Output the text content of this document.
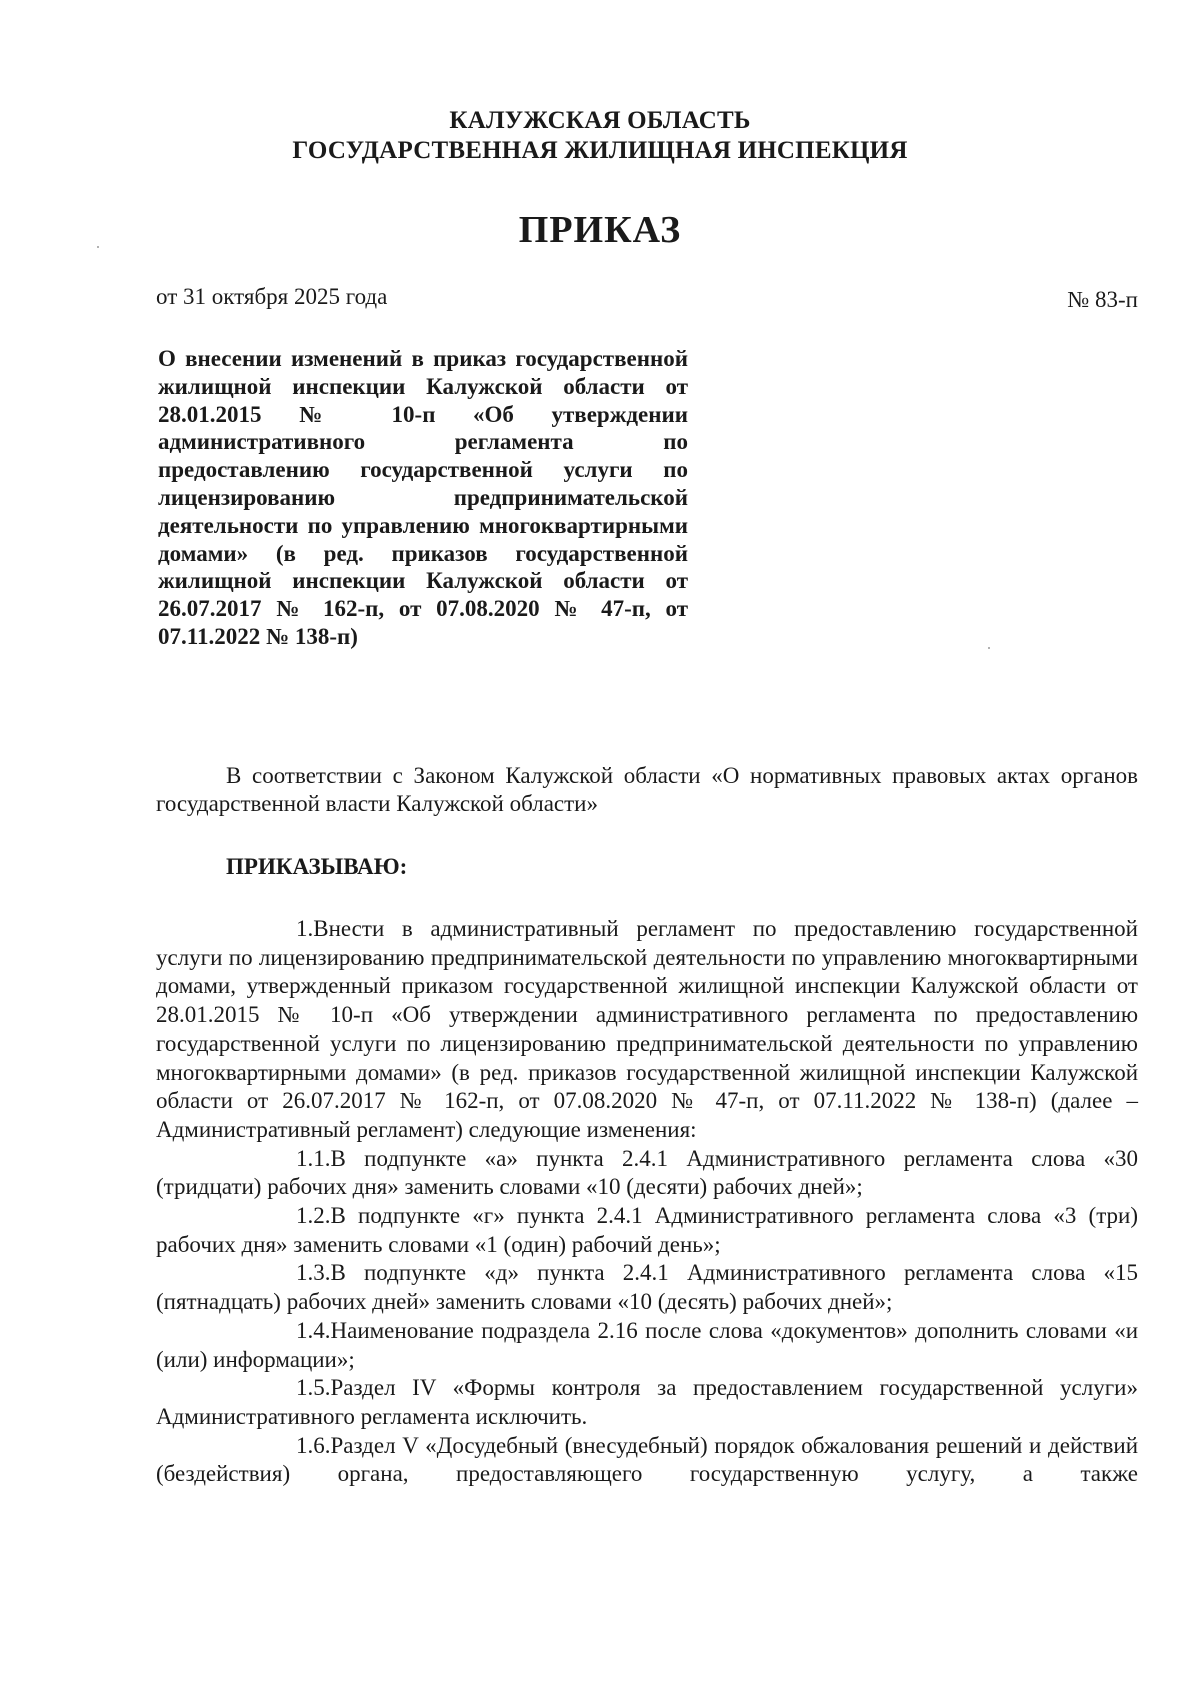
КАЛУЖСКАЯ ОБЛАСТЬ
ГОСУДАРСТВЕННАЯ ЖИЛИЩНАЯ ИНСПЕКЦИЯ
ПРИКАЗ
от 31 октября 2025 года	№ 83-п
О внесении изменений в приказ государственной жилищной инспекции Калужской области от 28.01.2015 № 10-п «Об утверждении административного регламента по предоставлению государственной услуги по лицензированию предпринимательской деятельности по управлению многоквартирными домами» (в ред. приказов государственной жилищной инспекции Калужской области от 26.07.2017 № 162-п, от 07.08.2020 № 47-п, от 07.11.2022 № 138-п)
В соответствии с Законом Калужской области «О нормативных правовых актах органов государственной власти Калужской области»
ПРИКАЗЫВАЮ:

1.Внести в административный регламент по предоставлению государственной услуги по лицензированию предпринимательской деятельности по управлению многоквартирными домами, утвержденный приказом государственной жилищной инспекции Калужской области от 28.01.2015 № 10-п «Об утверждении административного регламента по предоставлению государственной услуги по лицензированию предпринимательской деятельности по управлению многоквартирными домами» (в ред. приказов государственной жилищной инспекции Калужской области от 26.07.2017 № 162-п, от 07.08.2020 № 47-п, от 07.11.2022 № 138-п) (далее – Административный регламент) следующие изменения:

1.1.В подпункте «а» пункта 2.4.1 Административного регламента слова «30 (тридцати) рабочих дня» заменить словами «10 (десяти) рабочих дней»;

1.2.В подпункте «г» пункта 2.4.1 Административного регламента слова «3 (три) рабочих дня» заменить словами «1 (один) рабочий день»;

1.3.В подпункте «д» пункта 2.4.1 Административного регламента слова «15 (пятнадцать) рабочих дней» заменить словами «10 (десять) рабочих дней»;

1.4.Наименование подраздела 2.16 после слова «документов» дополнить словами «и (или) информации»;

1.5.Раздел IV «Формы контроля за предоставлением государственной услуги» Административного регламента исключить.

1.6.Раздел V «Досудебный (внесудебный) порядок обжалования решений и действий (бездействия) органа, предоставляющего государственную услугу, а также
